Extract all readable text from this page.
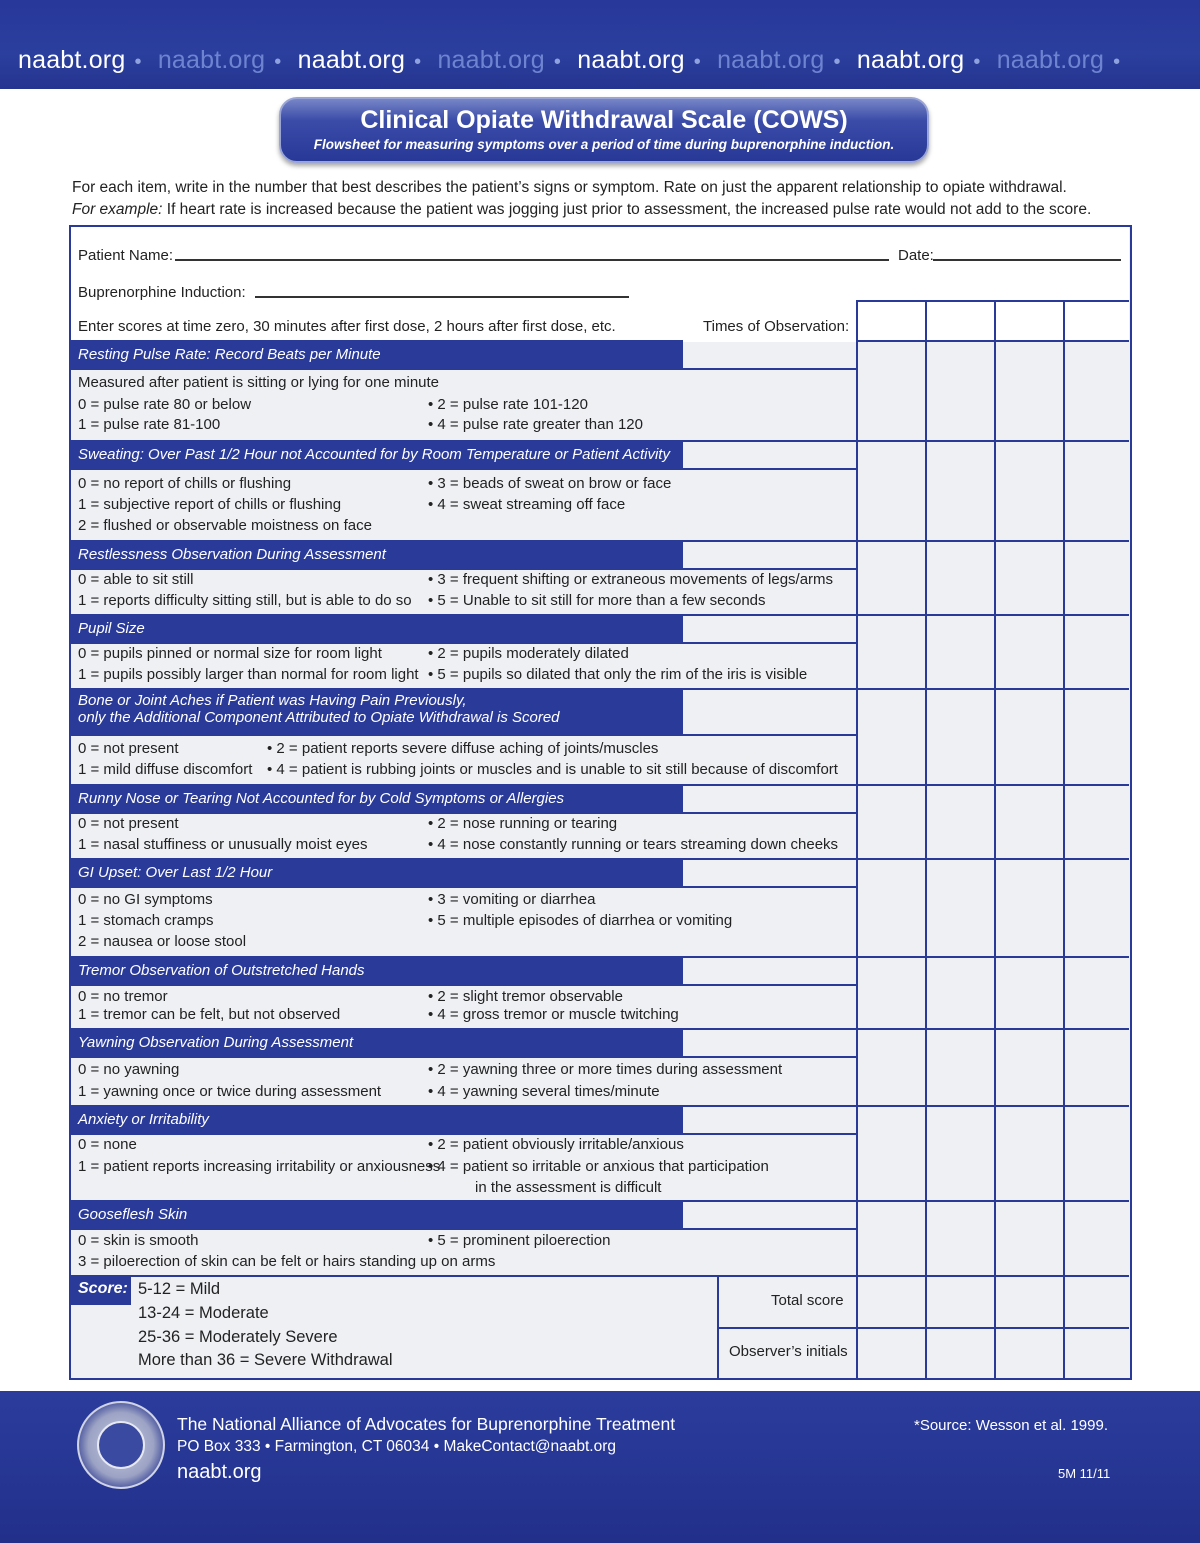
naabt.org • naabt.org • naabt.org • naabt.org • naabt.org • naabt.org • naabt.org • naabt.org •
Clinical Opiate Withdrawal Scale (COWS)
Flowsheet for measuring symptoms over a period of time during buprenorphine induction.
For each item, write in the number that best describes the patient’s signs or symptom. Rate on just the apparent relationship to opiate withdrawal.
For example: If heart rate is increased because the patient was jogging just prior to assessment, the increased pulse rate would not add to the score.
Patient Name:	Date:
Buprenorphine Induction:
Enter scores at time zero, 30 minutes after first dose, 2 hours after first dose, etc.	Times of Observation:
Resting Pulse Rate: Record Beats per Minute
Measured after patient is sitting or lying for one minute
0 = pulse rate 80 or below
1 = pulse rate 81-100
• 2 = pulse rate 101-120
• 4 = pulse rate greater than 120
Sweating: Over Past 1/2 Hour not Accounted for by Room Temperature or Patient Activity
0 = no report of chills or flushing
1 = subjective report of chills or flushing
2 = flushed or observable moistness on face
• 3 = beads of sweat on brow or face
• 4 = sweat streaming off face
Restlessness Observation During Assessment
0 = able to sit still
1 = reports difficulty sitting still, but is able to do so
• 3 = frequent shifting or extraneous movements of legs/arms
• 5 = Unable to sit still for more than a few seconds
Pupil Size
0 = pupils pinned or normal size for room light
1 = pupils possibly larger than normal for room light
• 2 = pupils moderately dilated
• 5 = pupils so dilated that only the rim of the iris is visible
Bone or Joint Aches if Patient was Having Pain Previously,
only the Additional Component Attributed to Opiate Withdrawal is Scored
0 = not present
1 = mild diffuse discomfort
• 2 = patient reports severe diffuse aching of joints/muscles
• 4 = patient is rubbing joints or muscles and is unable to sit still because of discomfort
Runny Nose or Tearing Not Accounted for by Cold Symptoms or Allergies
0 = not present
1 = nasal stuffiness or unusually moist eyes
• 2 = nose running or tearing
• 4 = nose constantly running or tears streaming down cheeks
GI Upset: Over Last 1/2 Hour
0 = no GI symptoms
1 = stomach cramps
2 = nausea or loose stool
• 3 = vomiting or diarrhea
• 5 = multiple episodes of diarrhea or vomiting
Tremor Observation of Outstretched Hands
0 = no tremor
1 = tremor can be felt, but not observed
• 2 = slight tremor observable
• 4 = gross tremor or muscle twitching
Yawning Observation During Assessment
0 = no yawning
1 = yawning once or twice during assessment
• 2 = yawning three or more times during assessment
• 4 = yawning several times/minute
Anxiety or Irritability
0 = none
1 = patient reports increasing irritability or anxiousness
• 2 = patient obviously irritable/anxious
• 4 = patient so irritable or anxious that participation
in the assessment is difficult
Gooseflesh Skin
0 = skin is smooth
3 = piloerection of skin can be felt or hairs standing up on arms
• 5 = prominent piloerection
Score: 5-12 = Mild
13-24 = Moderate
25-36 = Moderately Severe
More than 36 = Severe Withdrawal
Total score
Observer’s initials
The National Alliance of Advocates for Buprenorphine Treatment
PO Box 333 • Farmington, CT 06034 • MakeContact@naabt.org
naabt.org
*Source: Wesson et al. 1999.
5M 11/11
